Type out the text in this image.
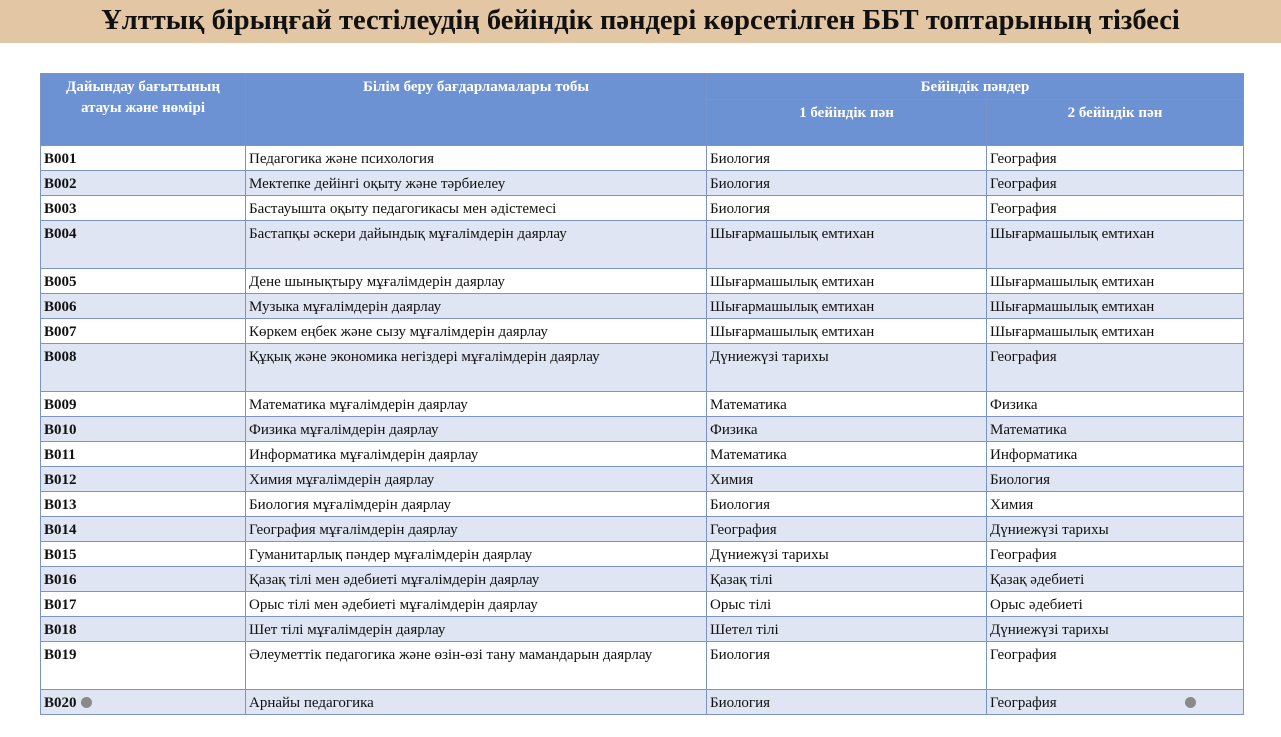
Ұлттық бірыңғай тестілеудің бейіндік пәндері көрсетілген ББТ топтарының тізбесі
Дайындау бағытының атауы және нөмірі	Білім беру бағдарламалары тобы	Бейіндік пәндер	
		1 бейіндік пән	2 бейіндік пән
B001	Педагогика және психология	Биология	География
B002	Мектепке дейінгі оқыту және тәрбиелеу	Биология	География
B003	Бастауышта оқыту педагогикасы мен әдістемесі	Биология	География
B004	Бастапқы әскери дайындық мұғалімдерін даярлау	Шығармашылық емтихан	Шығармашылық емтихан
B005	Дене шынықтыру мұғалімдерін даярлау	Шығармашылық емтихан	Шығармашылық емтихан
B006	Музыка мұғалімдерін даярлау	Шығармашылық емтихан	Шығармашылық емтихан
B007	Көркем еңбек және сызу мұғалімдерін даярлау	Шығармашылық емтихан	Шығармашылық емтихан
B008	Құқық және экономика негіздері мұғалімдерін даярлау	Дүниежүзі тарихы	География
B009	Математика мұғалімдерін даярлау	Математика	Физика
B010	Физика мұғалімдерін даярлау	Физика	Математика
B011	Информатика мұғалімдерін даярлау	Математика	Информатика
B012	Химия мұғалімдерін даярлау	Химия	Биология
B013	Биология мұғалімдерін даярлау	Биология	Химия
B014	География мұғалімдерін даярлау	География	Дүниежүзі тарихы
B015	Гуманитарлық пәндер мұғалімдерін даярлау	Дүниежүзі тарихы	География
B016	Қазақ тілі мен әдебиеті мұғалімдерін даярлау	Қазақ тілі	Қазақ әдебиеті
B017	Орыс тілі мен әдебиеті мұғалімдерін даярлау	Орыс тілі	Орыс әдебиеті
B018	Шет тілі мұғалімдерін даярлау	Шетел тілі	Дүниежүзі тарихы
B019	Әлеуметтік педагогика және өзін-өзі тану мамандарын даярлау	Биология	География
B020	Арнайы педагогика	Биология	География
